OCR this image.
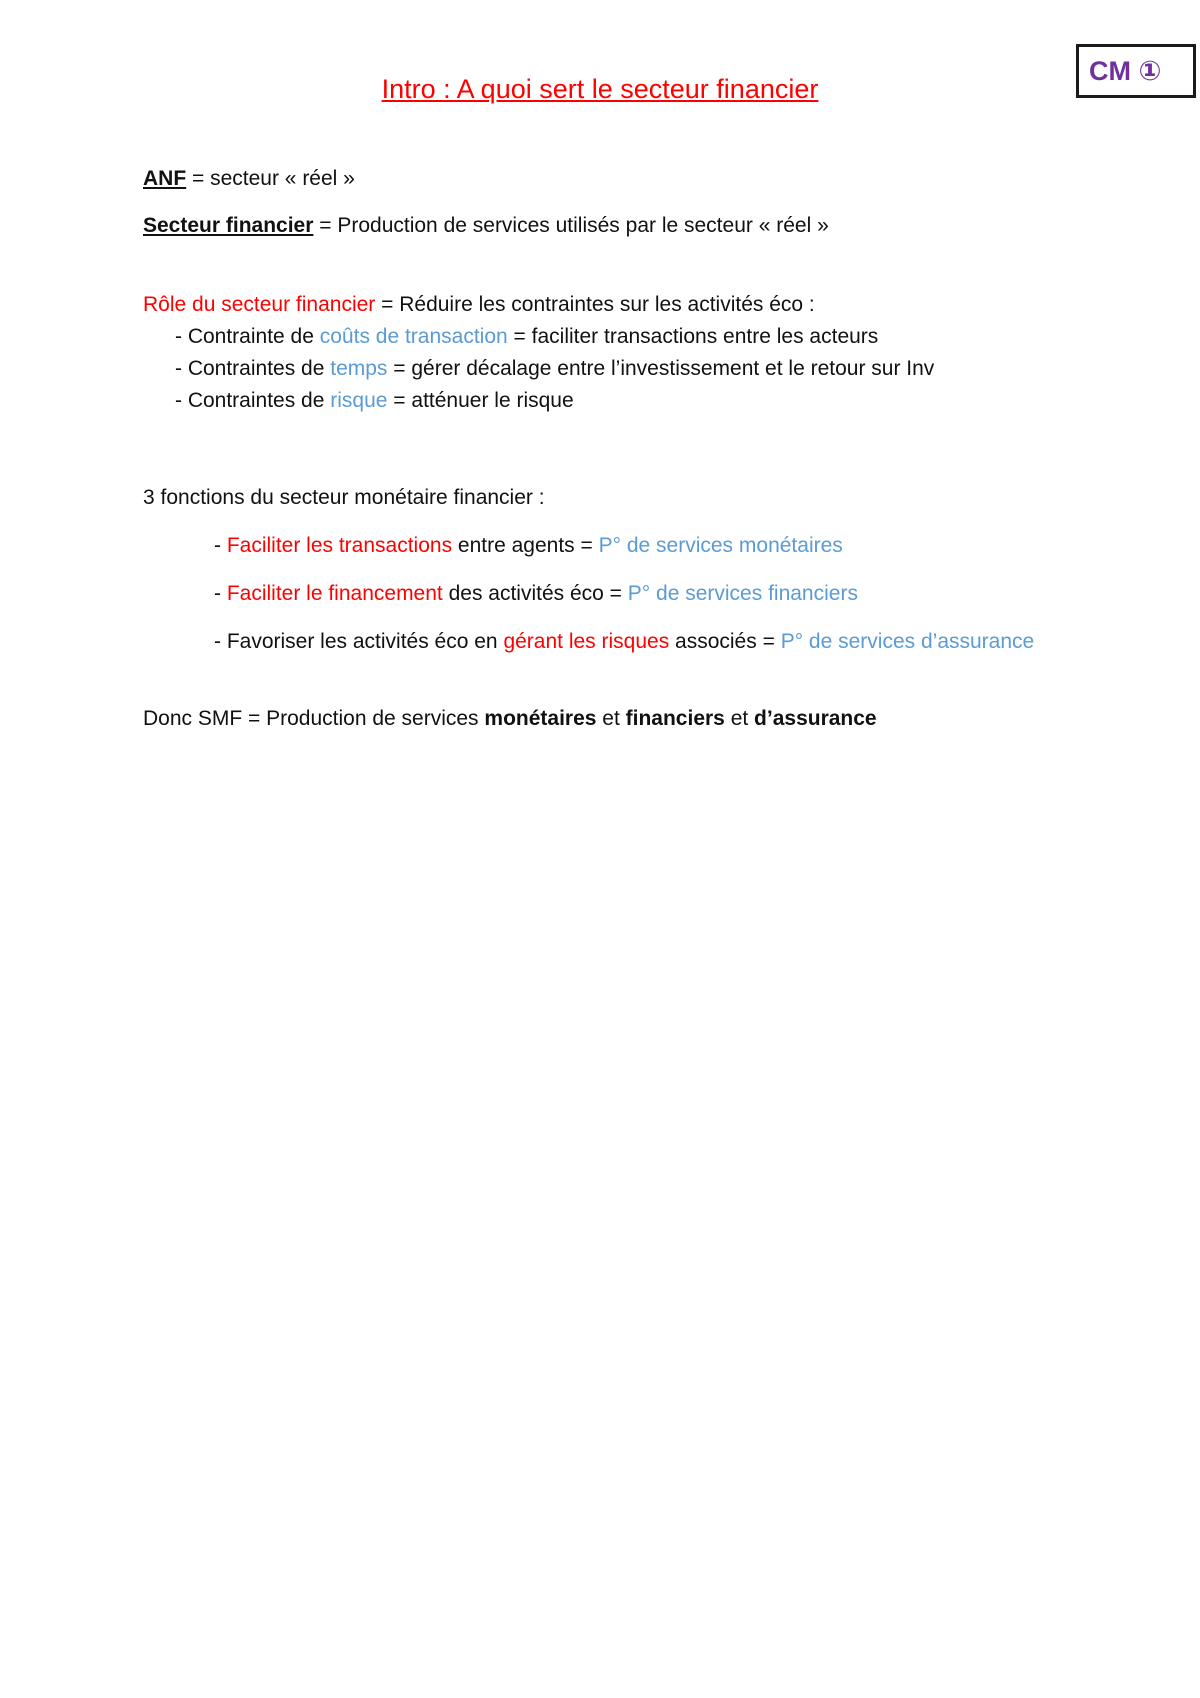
CM ①
Intro : A quoi sert le secteur financier
ANF = secteur « réel »
Secteur financier = Production de services utilisés par le secteur « réel »
Rôle du secteur financier = Réduire les contraintes sur les activités éco :
- Contrainte de coûts de transaction = faciliter transactions entre les acteurs
- Contraintes de temps = gérer décalage entre l’investissement et le retour sur Inv
- Contraintes de risque = atténuer le risque
3 fonctions du secteur monétaire financier :
- Faciliter les transactions entre agents = P° de services monétaires
- Faciliter le financement des activités éco = P° de services financiers
- Favoriser les activités éco en gérant les risques associés = P° de services d’assurance
Donc SMF = Production de services monétaires et financiers et d’assurance
